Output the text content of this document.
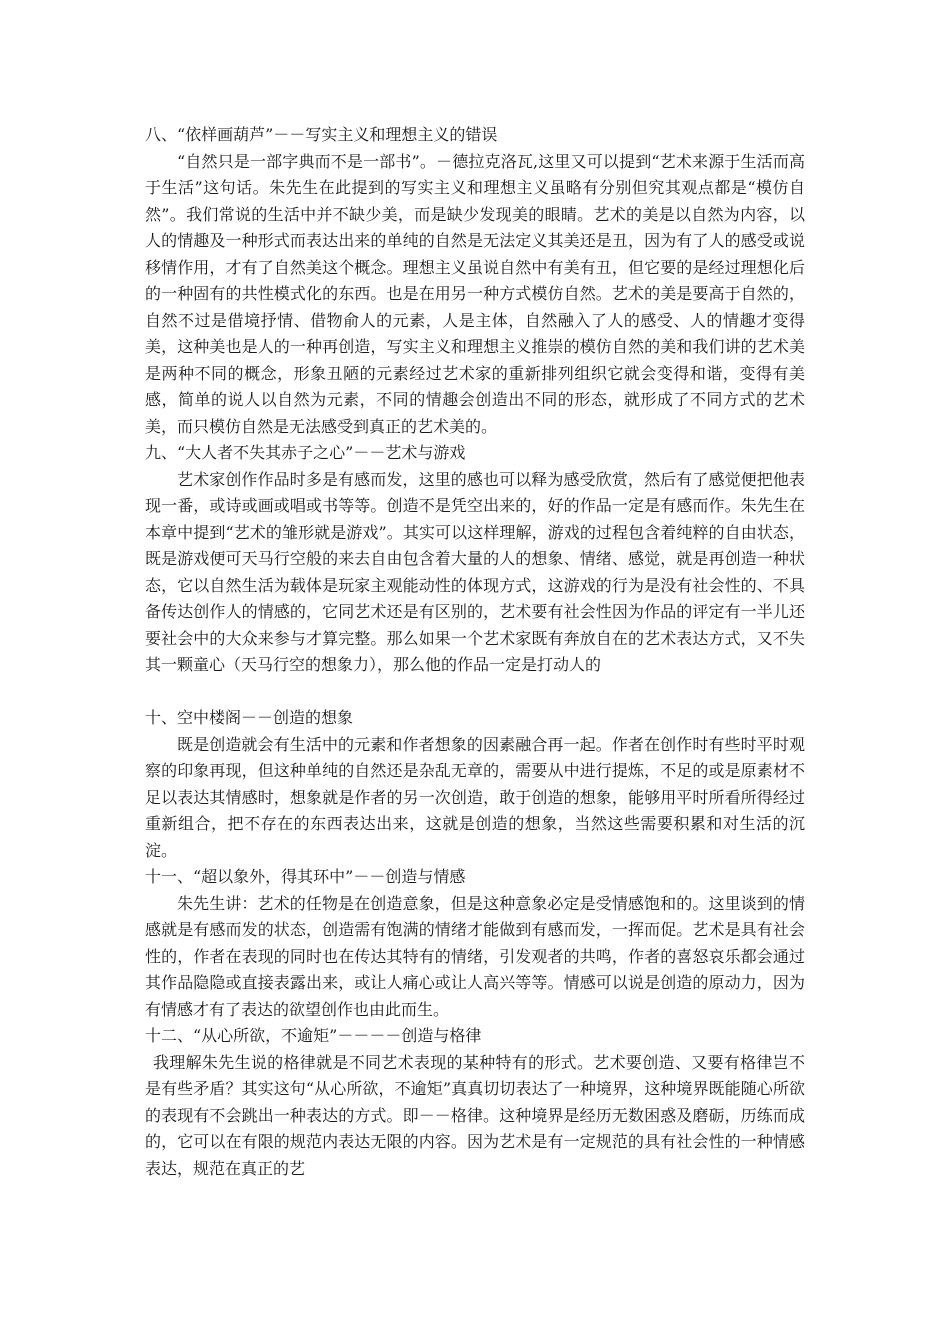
八、“依样画葫芦”－－写实主义和理想主义的错误

“自然只是一部字典而不是一部书”。－德拉克洛瓦,这里又可以提到“艺术来源于生活而高于生活”这句话。朱先生在此提到的写实主义和理想主义虽略有分别但究其观点都是“模仿自然”。我们常说的生活中并不缺少美，而是缺少发现美的眼睛。艺术的美是以自然为内容，以人的情趣及一种形式而表达出来的单纯的自然是无法定义其美还是丑，因为有了人的感受或说移情作用，才有了自然美这个概念。理想主义虽说自然中有美有丑，但它要的是经过理想化后的一种固有的共性模式化的东西。也是在用另一种方式模仿自然。艺术的美是要高于自然的，自然不过是借境抒情、借物俞人的元素，人是主体，自然融入了人的感受、人的情趣才变得美，这种美也是人的一种再创造，写实主义和理想主义推崇的模仿自然的美和我们讲的艺术美是两种不同的概念，形象丑陋的元素经过艺术家的重新排列组织它就会变得和谐，变得有美感，简单的说人以自然为元素，不同的情趣会创造出不同的形态，就形成了不同方式的艺术美，而只模仿自然是无法感受到真正的艺术美的。

九、“大人者不失其赤子之心”－－艺术与游戏

艺术家创作作品时多是有感而发，这里的感也可以释为感受欣赏，然后有了感觉便把他表现一番，或诗或画或唱或书等等。创造不是凭空出来的，好的作品一定是有感而作。朱先生在本章中提到“艺术的雏形就是游戏”。其实可以这样理解，游戏的过程包含着纯粹的自由状态，既是游戏便可天马行空般的来去自由包含着大量的人的想象、情绪、感觉，就是再创造一种状态，它以自然生活为载体是玩家主观能动性的体现方式，这游戏的行为是没有社会性的、不具备传达创作人的情感的，它同艺术还是有区别的，艺术要有社会性因为作品的评定有一半儿还要社会中的大众来参与才算完整。那么如果一个艺术家既有奔放自在的艺术表达方式，又不失其一颗童心（天马行空的想象力），那么他的作品一定是打动人的

十、空中楼阁－－创造的想象

既是创造就会有生活中的元素和作者想象的因素融合再一起。作者在创作时有些时平时观察的印象再现，但这种单纯的自然还是杂乱无章的，需要从中进行提炼，不足的或是原素材不足以表达其情感时，想象就是作者的另一次创造，敢于创造的想象，能够用平时所看所得经过重新组合，把不存在的东西表达出来，这就是创造的想象，当然这些需要积累和对生活的沉淀。

十一、“超以象外，得其环中”－－创造与情感

朱先生讲：艺术的任物是在创造意象，但是这种意象必定是受情感饱和的。这里谈到的情感就是有感而发的状态，创造需有饱满的情绪才能做到有感而发，一挥而促。艺术是具有社会性的，作者在表现的同时也在传达其特有的情绪，引发观者的共鸣，作者的喜怒哀乐都会通过其作品隐隐或直接表露出来，或让人痛心或让人高兴等等。情感可以说是创造的原动力，因为有情感才有了表达的欲望创作也由此而生。

十二、“从心所欲，不逾矩”－－－－创造与格律

我理解朱先生说的格律就是不同艺术表现的某种特有的形式。艺术要创造、又要有格律岂不是有些矛盾？其实这句“从心所欲，不逾矩”真真切切表达了一种境界，这种境界既能随心所欲的表现有不会跳出一种表达的方式。即－－格律。这种境界是经历无数困惑及磨砺，历练而成的，它可以在有限的规范内表达无限的内容。因为艺术是有一定规范的具有社会性的一种情感表达，规范在真正的艺
